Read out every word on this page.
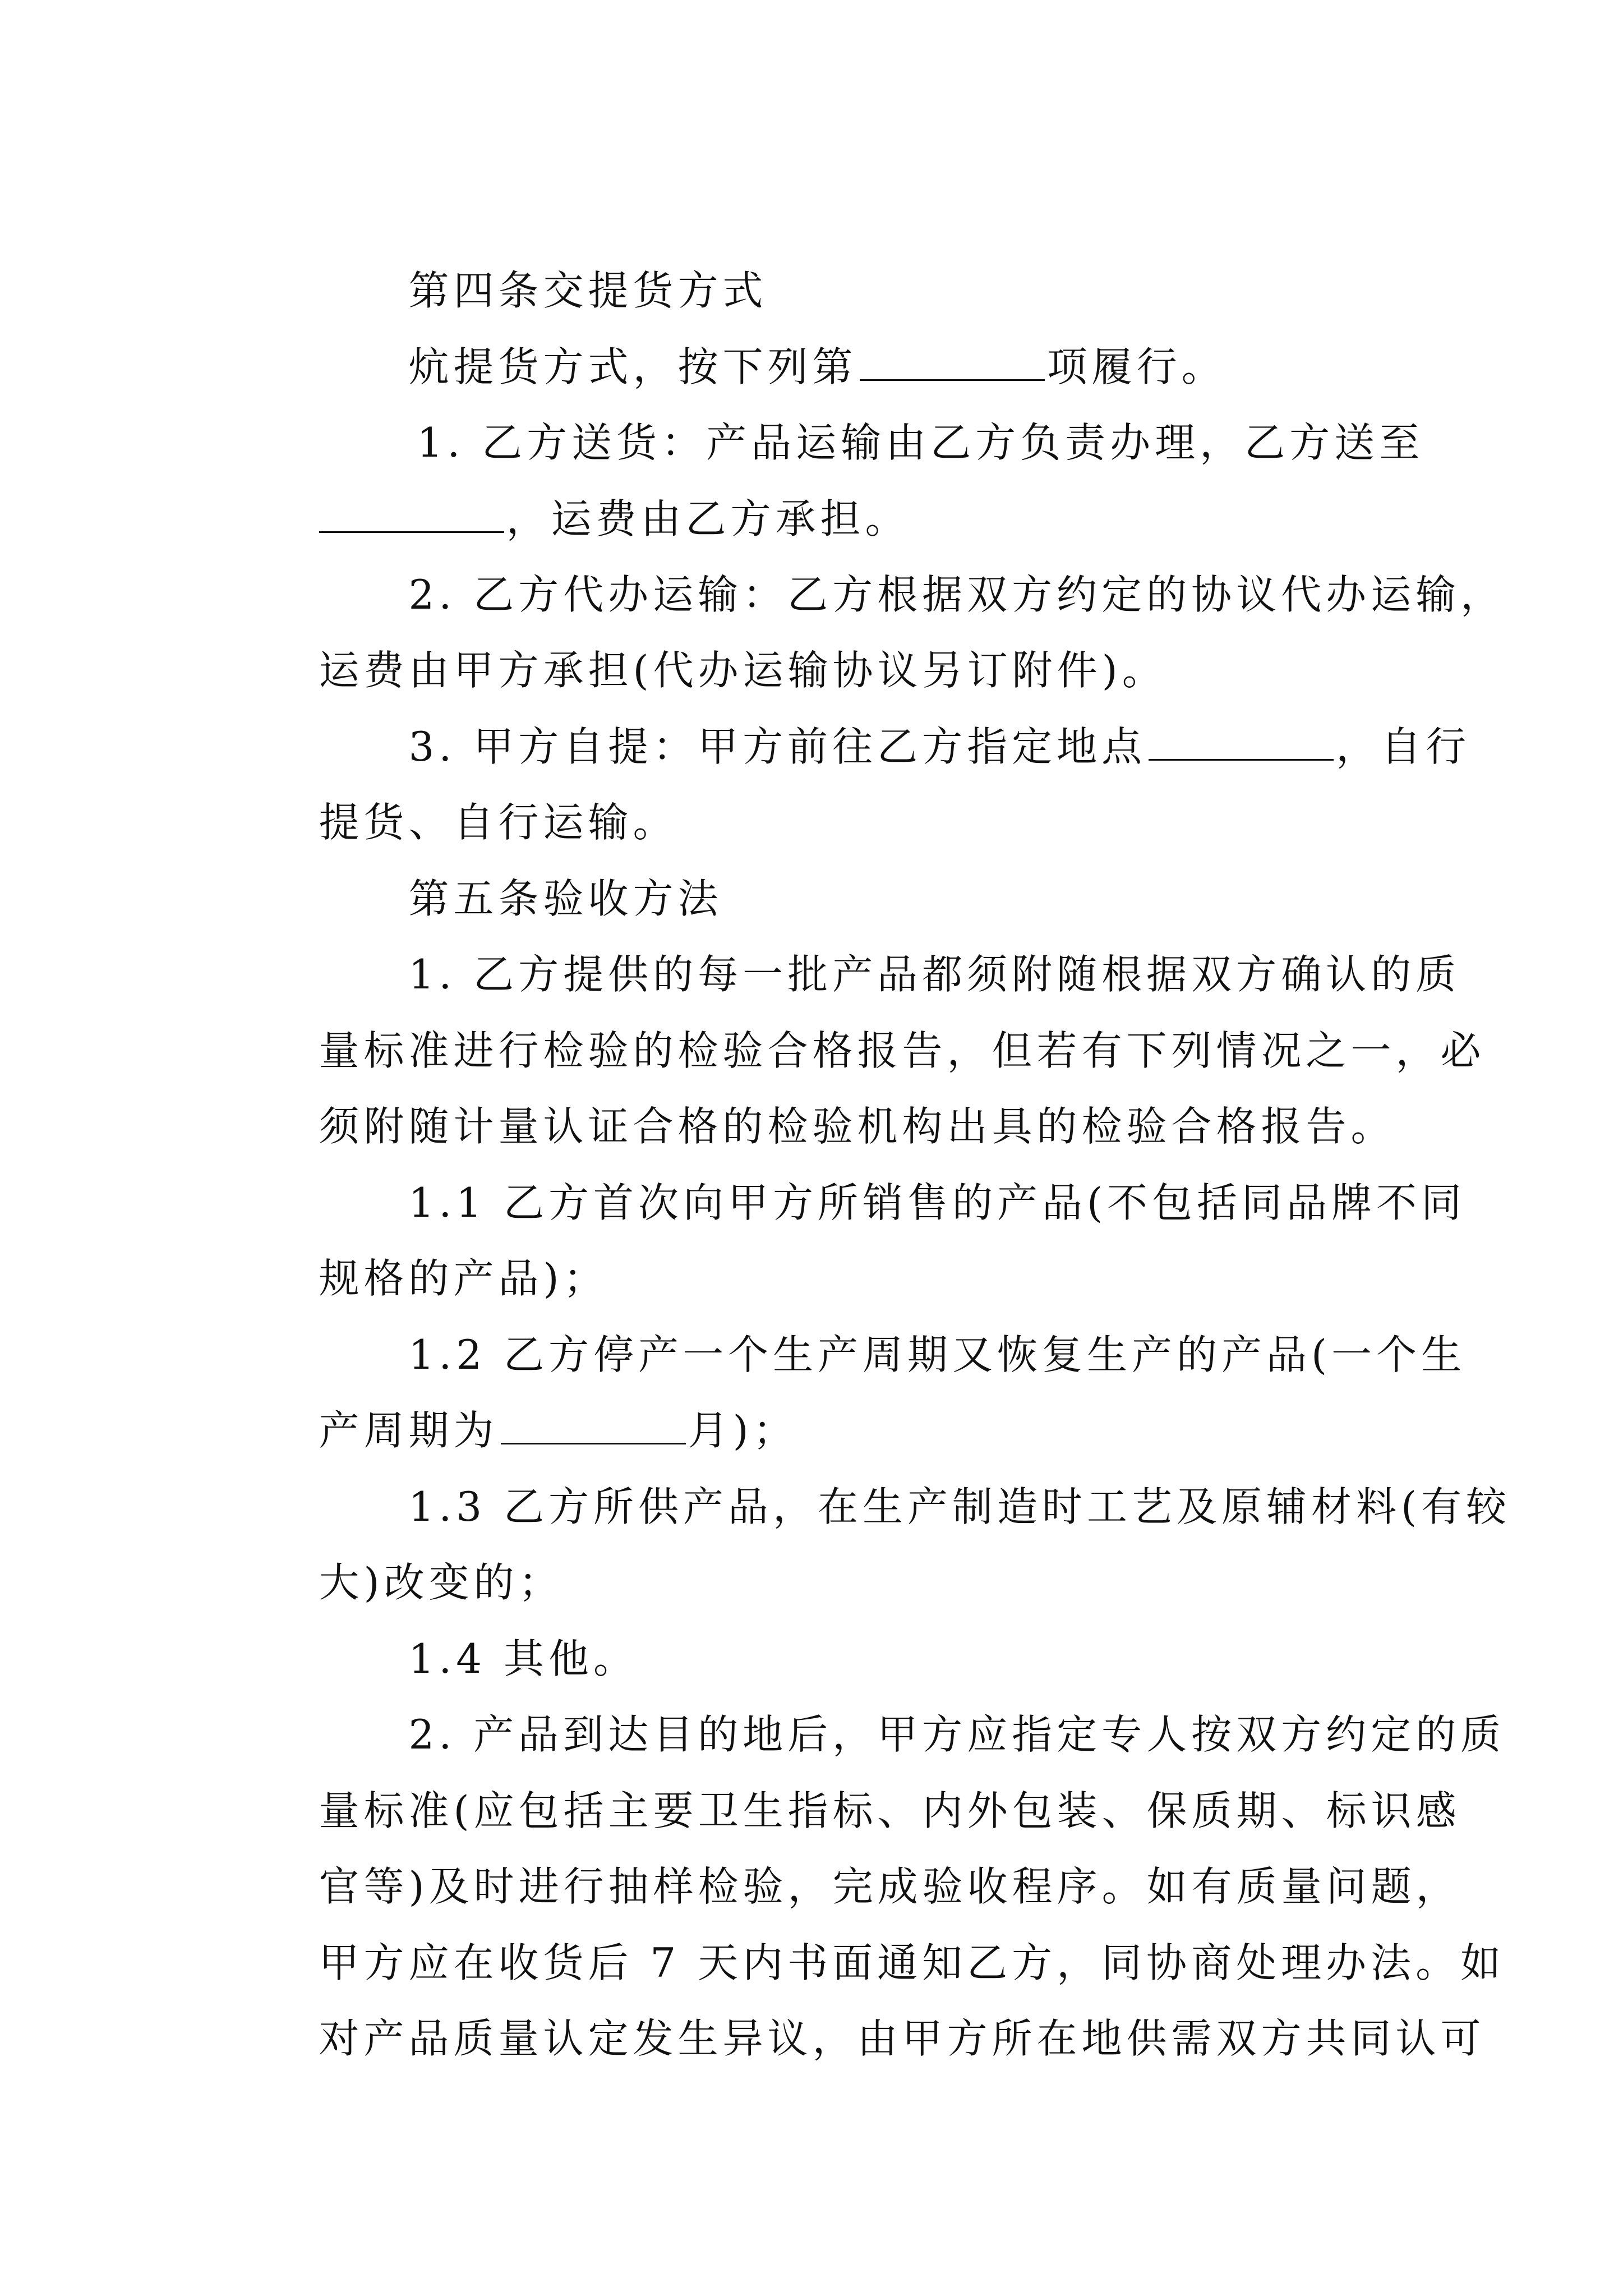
第四条交提货方式

炕提货方式，按下列第	项履行。

1. 乙方送货：产品运输由乙方负责办理，乙方送至

，运费由乙方承担。

2. 乙方代办运输：乙方根据双方约定的协议代办运输，

运费由甲方承担(代办运输协议另订附件)。

3. 甲方自提：甲方前往乙方指定地点	，自行

提货、自行运输。

第五条验收方法

1. 乙方提供的每一批产品都须附随根据双方确认的质

量标准进行检验的检验合格报告，但若有下列情况之一，必

须附随计量认证合格的检验机构出具的检验合格报告。

1.1 乙方首次向甲方所销售的产品(不包括同品牌不同

规格的产品)；

1.2 乙方停产一个生产周期又恢复生产的产品(一个生

产周期为	月)；

1.3 乙方所供产品，在生产制造时工艺及原辅材料(有较

大)改变的；

1.4 其他。

2. 产品到达目的地后，甲方应指定专人按双方约定的质

量标准(应包括主要卫生指标、内外包装、保质期、标识感

官等)及时进行抽样检验，完成验收程序。如有质量问题，

甲方应在收货后 7 天内书面通知乙方，同协商处理办法。如

对产品质量认定发生异议，由甲方所在地供需双方共同认可
